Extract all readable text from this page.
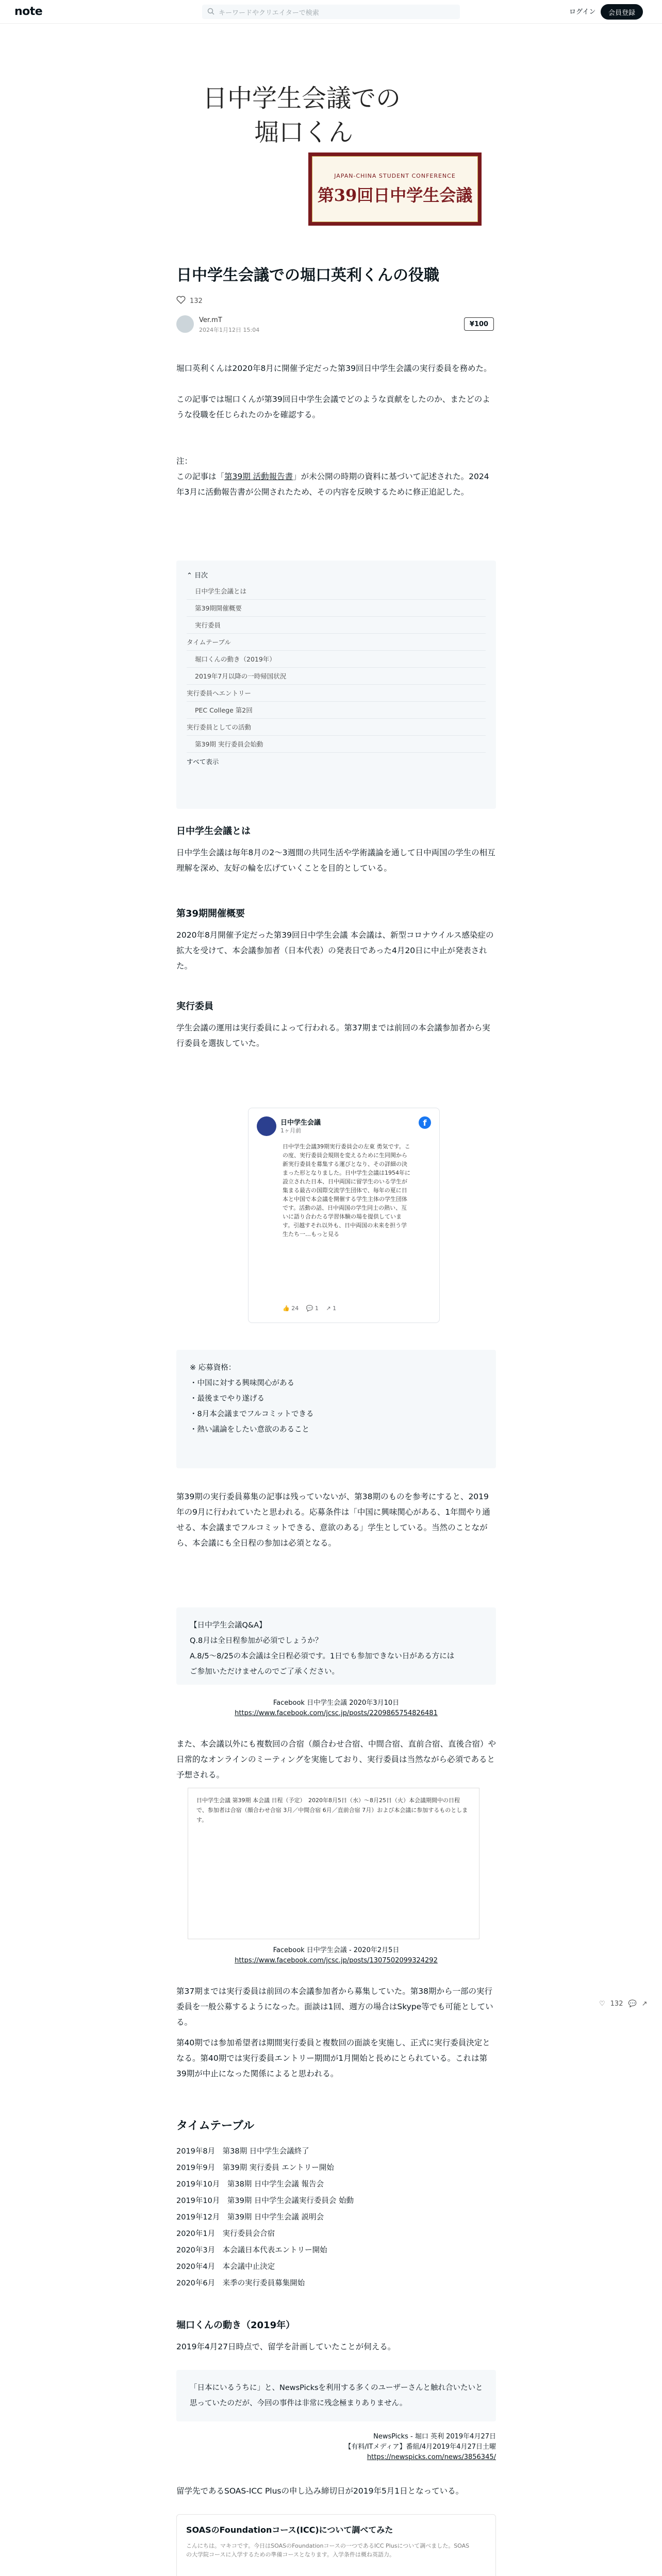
note	キーワードやクリエイターで検索	ログイン	会員登録
日中学生会議での
堀口くん
JAPAN-CHINA STUDENT CONFERENCE
第39回日中学生会議
日中学生会議での堀口英利くんの役職
132
Ver.mT
2024年1月12日 15:04
¥100
堀口英利くんは2020年8月に開催予定だった第39回日中学生会議の実行委員を務めた。
この記事では堀口くんが第39回日中学生会議でどのような貢献をしたのか、またどのような役職を任じられたのかを確認する。
注：
この記事は「第39期 活動報告書」が未公開の時期の資料に基づいて記述された。2024年3月に活動報告書が公開されたため、その内容を反映するために修正追記した。
⌃ 目次
日中学生会議とは
第39期開催概要
実行委員
タイムテーブル
堀口くんの動き（2019年）
2019年7月以降の一時帰国状況
実行委員へエントリー
PEC College 第2回
実行委員としての活動
第39期 実行委員会始動
すべて表示
日中学生会議とは
日中学生会議は毎年8月の2〜3週間の共同生活や学術議論を通して日中両国の学生の相互理解を深め、友好の輪を広げていくことを目的としている。
第39期開催概要
2020年8月開催予定だった第39回日中学生会議 本会議は、新型コロナウイルス感染症の拡大を受けて、本会議参加者（日本代表）の発表日であった4月20日に中止が発表された。
実行委員
学生会議の運用は実行委員によって行われる。第37期までは前回の本会議参加者から実行委員を選抜していた。
日中学生会議
1ヶ月前
f
日中学生会議39期実行委員会の左東 勇気です。この度、実行委員会規則を変えるために生同関から新実行委員を募集する運びとなり、その詳細の決まった形となりました。日中学生会議は1954年に設立された日本、日中両国に留学生のいる学生が集まる最古の国際交流学生団体で、毎年の夏に日本と中国で本会議を開催する学生主体の学生団体です。活動の話、日中両国の学生同士の熱い、互いに語り合わたる学習体験の場を提供しています。引越すそれ以外も、日中両国の未来を担う学生たち一…もっと見る
👍 24　 💬 1　 ↗ 1
※ 応募資格：
・中国に対する興味関心がある
・最後までやり遂げる
・8月本会議までフルコミットできる
・熱い議論をしたい意欲のあること
第39期の実行委員募集の記事は残っていないが、第38期のものを参考にすると、2019年の9月に行われていたと思われる。応募条件は「中国に興味関心がある、1年間やり通せる、本会議までフルコミットできる、意欲のある」学生としている。当然のことながら、本会議にも全日程の参加は必須となる。
【日中学生会議Q&A】
Q.8月は全日程参加が必須でしょうか？
A.8/5〜8/25の本会議は全日程必須です。1日でも参加できない日がある方には
ご参加いただけませんのでご了承ください。
Facebook 日中学生会議 2020年3月10日
https://www.facebook.com/jcsc.jp/posts/2209865754826481
また、本会議以外にも複数回の合宿（顔合わせ合宿、中間合宿、直前合宿、直後合宿）や日常的なオンラインのミーティングを実施しており、実行委員は当然ながら必須であると予想される。
日中学生会議 第39期 本会議 日程（予定）　2020年8月5日（水）〜8月25日（火）本会議期間中の日程で、参加者は合宿（顔合わせ合宿 3月／中間合宿 6月／直前合宿 7月）および本会議に参加するものとします。
Facebook 日中学生会議 - 2020年2月5日
https://www.facebook.com/jcsc.jp/posts/1307502099324292
第37期までは実行委員は前回の本会議参加者から募集していた。第38期から一部の実行委員を一般公募するようになった。面談は1回、週方の場合はSkype等でも可能としている。
第40期では参加希望者は期間実行委員と複数回の面談を実施し、正式に実行委員決定となる。第40期では実行委員エントリー期間が1月開始と長めにとられている。これは第39期が中止になった関係によると思われる。
♡ 132 💬 ↗
タイムテーブル
2019年8月　第38期 日中学生会議終了
2019年9月　第39期 実行委員 エントリー開始
2019年10月　第38期 日中学生会議 報告会
2019年10月　第39期 日中学生会議実行委員会 始動
2019年12月　第39期 日中学生会議 説明会
2020年1月　実行委員会合宿
2020年3月　本会議日本代表エントリー開始
2020年4月　本会議中止決定
2020年6月　来季の実行委員募集開始
堀口くんの動き（2019年）
2019年4月27日時点で、留学を計画していたことが伺える。
「日本にいるうちに」と、NewsPicksを利用する多くのユーザーさんと触れ合いたいと思っていたのだが、今回の事件は非常に残念極まりありません。
NewsPicks - 堀口 英利 2019年4月27日
【有料/ITメディア】番組/4月2019年4月27日土曜
https://newspicks.com/news/3856345/
留学先であるSOAS-ICC Plusの申し込み締切日が2019年5月1日となっている。
SOASのFoundationコース(ICC)について調べてみた
こんにちは。マキコです。今日はSOASのFoundationコースの一つであるICC Plusについて調べました。SOASの大学院コースに入学するための準備コースとなります。入学条件は概ね英語力。
